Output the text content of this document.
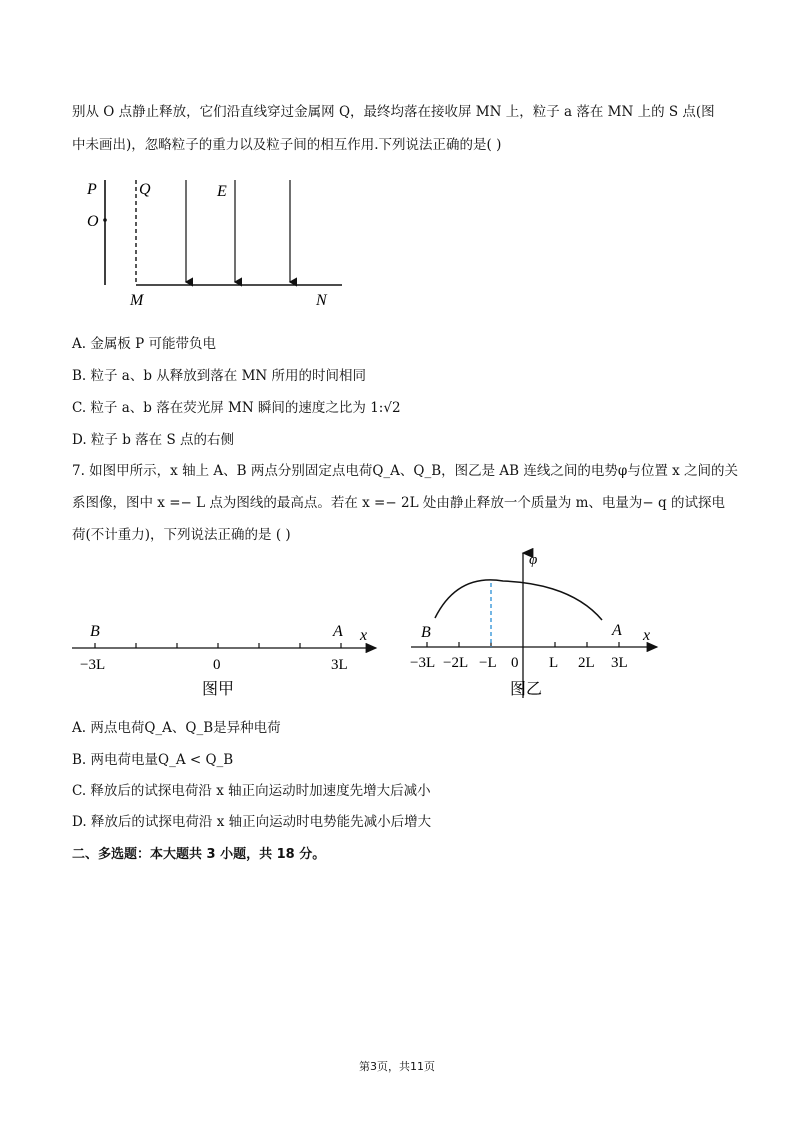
别从 O 点静止释放，它们沿直线穿过金属网 Q，最终均落在接收屏 MN 上，粒子 a 落在 MN 上的 S 点(图
中未画出)，忽略粒子的重力以及粒子间的相互作用.下列说法正确的是( )
P
O
Q	E
M	N
A. 金属板 P 可能带负电
B. 粒子 a、b 从释放到落在 MN 所用的时间相同
C. 粒子 a、b 落在荧光屏 MN 瞬间的速度之比为 1:√2
D. 粒子 b 落在 S 点的右侧
7. 如图甲所示，x 轴上 A、B 两点分别固定点电荷Q_A、Q_B，图乙是 AB 连线之间的电势φ与位置 x 之间的关
系图像，图中 x =− L 点为图线的最高点。若在 x =− 2L 处由静止释放一个质量为 m、电量为− q 的试探电
荷(不计重力)，下列说法正确的是 ( )
B	A x
−3L	0	3L
图甲
φ
B	A x
−3L −2L −L 0 L 2L 3L
图乙
A. 两点电荷Q_A、Q_B是异种电荷
B. 两电荷电量Q_A < Q_B
C. 释放后的试探电荷沿 x 轴正向运动时加速度先增大后减小
D. 释放后的试探电荷沿 x 轴正向运动时电势能先减小后增大
二、多选题：本大题共 3 小题，共 18 分。
第3页，共11页
